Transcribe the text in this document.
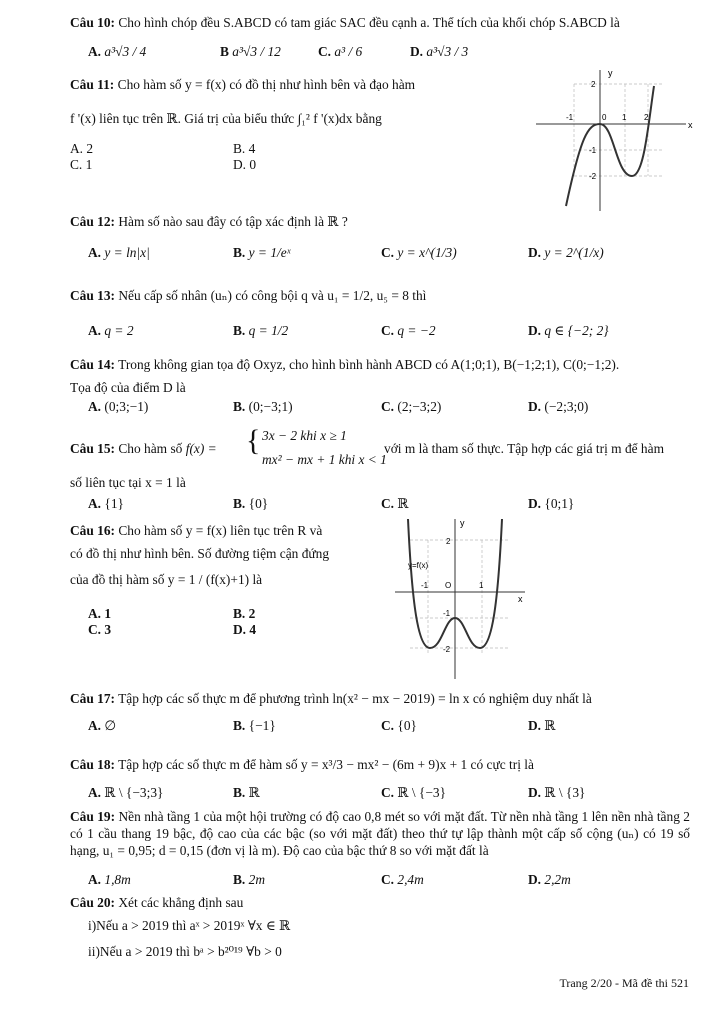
Câu 10: Cho hình chóp đều S.ABCD có tam giác SAC đều cạnh a. Thể tích của khối chóp S.ABCD là
A. a³√3 / 4	B a³√3 / 12	C. a³ / 6	D. a³√3 / 3
Câu 11: Cho hàm số y = f(x) có đồ thị như hình bên và đạo hàm
f '(x) liên tục trên ℝ. Giá trị của biểu thức ∫₁² f '(x)dx bằng
A. 2	B. 4
C. 1	D. 0
x
y
-1	0 1 2
2
-1
-2
Câu 12: Hàm số nào sau đây có tập xác định là ℝ ?
A. y = ln|x|	B. y = 1/eˣ	C. y = x^(1/3)	D. y = 2^(1/x)
Câu 13: Nếu cấp số nhân (uₙ) có công bội q và u₁ = 1/2, u₅ = 8 thì
A. q = 2	B. q = 1/2	C. q = −2	D. q ∈ {−2; 2}
Câu 14: Trong không gian tọa độ Oxyz, cho hình bình hành ABCD có A(1;0;1), B(−1;2;1), C(0;−1;2).
Tọa độ của điểm D là
A. (0;3;−1)	B. (0;−3;1)	C. (2;−3;2)	D. (−2;3;0)
Câu 15: Cho hàm số f(x) = { 3x − 2 khi x ≥ 1
mx² − mx + 1 khi x < 1
với m là tham số thực. Tập hợp các giá trị m để hàm
số liên tục tại x = 1 là
A. {1}	B. {0}	C. ℝ	D. {0;1}
Câu 16: Cho hàm số y = f(x) liên tục trên R và
có đồ thị như hình bên. Số đường tiệm cận đứng
của đồ thị hàm số y = 1 / (f(x)+1) là
A. 1	B. 2
C. 3	D. 4
x
y
y=f(x)
-1 O	1
2
-1
-2
Câu 17: Tập hợp các số thực m để phương trình ln(x² − mx − 2019) = ln x có nghiệm duy nhất là
A. ∅	B. {−1}	C. {0}	D. ℝ
Câu 18: Tập hợp các số thực m để hàm số y = x³/3 − mx² − (6m + 9)x + 1 có cực trị là
A. ℝ \ {−3;3}	B. ℝ	C. ℝ \ {−3}	D. ℝ \ {3}
Câu 19: Nền nhà tầng 1 của một hội trường có độ cao 0,8 mét so với mặt đất. Từ nền nhà tầng 1 lên nền nhà tầng 2 có 1 cầu thang 19 bậc, độ cao của các bậc (so với mặt đất) theo thứ tự lập thành một cấp số cộng (uₙ) có 19 số hạng, u₁ = 0,95; d = 0,15 (đơn vị là m). Độ cao của bậc thứ 8 so với mặt đất là
A. 1,8m	B. 2m	C. 2,4m	D. 2,2m
Câu 20: Xét các khẳng định sau
i)Nếu a > 2019 thì aˣ > 2019ˣ ∀x ∈ ℝ
ii)Nếu a > 2019 thì bᵃ > b²⁰¹⁹ ∀b > 0
Trang 2/20 - Mã đề thi 521
